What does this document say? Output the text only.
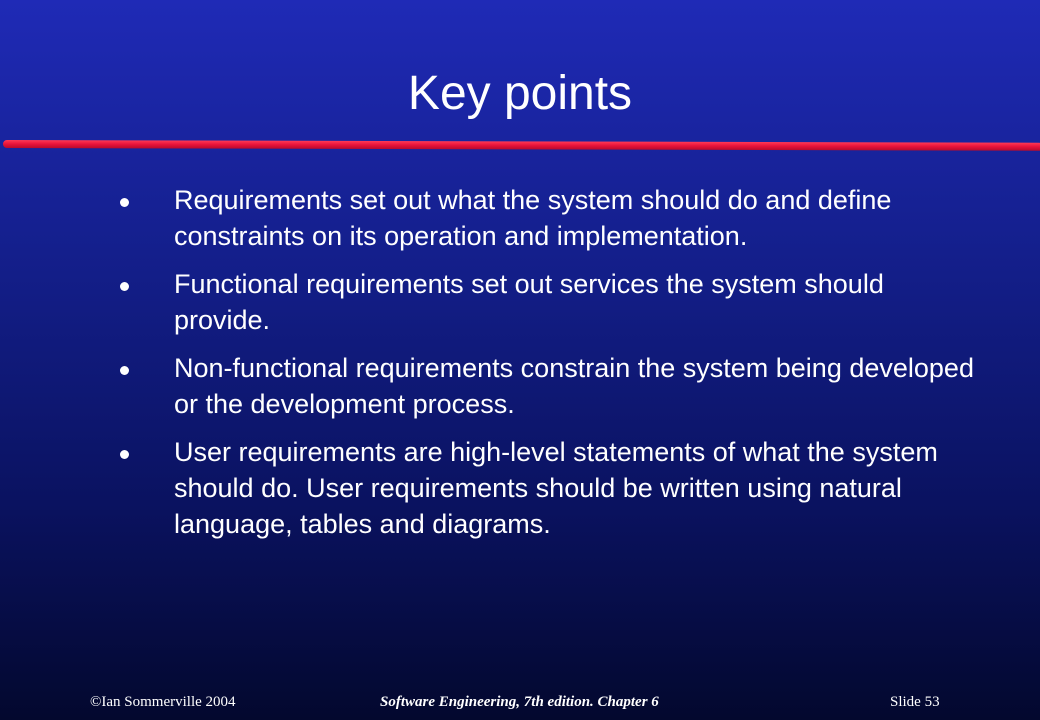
Key points
Requirements set out what the system should do and define constraints on its operation and implementation.
Functional requirements set out services the system should provide.
Non-functional requirements constrain the system being developed or the development process.
User requirements are high-level statements of what the system should do. User requirements should be written using natural language, tables and diagrams.
©Ian Sommerville 2004	Software Engineering, 7th edition. Chapter 6	Slide 53
